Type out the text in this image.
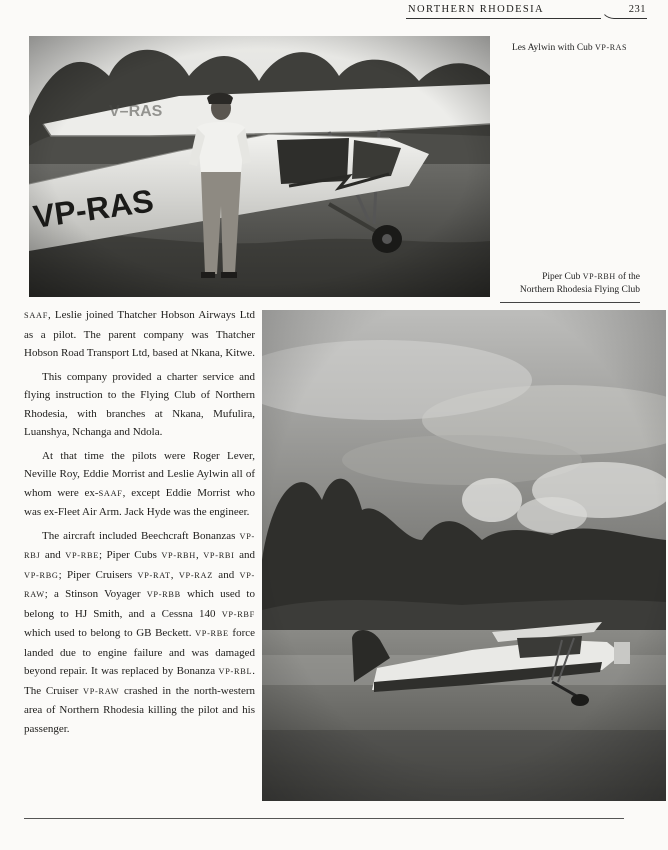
NORTHERN RHODESIA	231
Les Aylwin with Cub VP-RAS
Piper Cub VP-RBH of the
Northern Rhodesia Flying Club

SAAF, Leslie joined Thatcher Hobson Airways Ltd as a pilot. The parent company was Thatcher Hobson Road Transport Ltd, based at Nkana, Kitwe.

This company provided a charter service and flying instruction to the Flying Club of Northern Rhodesia, with branches at Nkana, Mufulira, Luanshya, Nchanga and Ndola.

At that time the pilots were Roger Lever, Neville Roy, Eddie Morrist and Leslie Aylwin all of whom were ex-SAAF, except Eddie Morrist who was ex-Fleet Air Arm. Jack Hyde was the engineer.

The aircraft included Beechcraft Bonanzas VP-RBJ and VP-RBE; Piper Cubs VP-RBH, VP-RBI and VP-RBG; Piper Cruisers VP-RAT, VP-RAZ and VP-RAW; a Stinson Voyager VP-RBB which used to belong to HJ Smith, and a Cessna 140 VP-RBF which used to belong to GB Beckett. VP-RBE force landed due to engine failure and was damaged beyond repair. It was replaced by Bonanza VP-RBL. The Cruiser VP-RAW crashed in the north-western area of Northern Rhodesia killing the pilot and his passenger.
